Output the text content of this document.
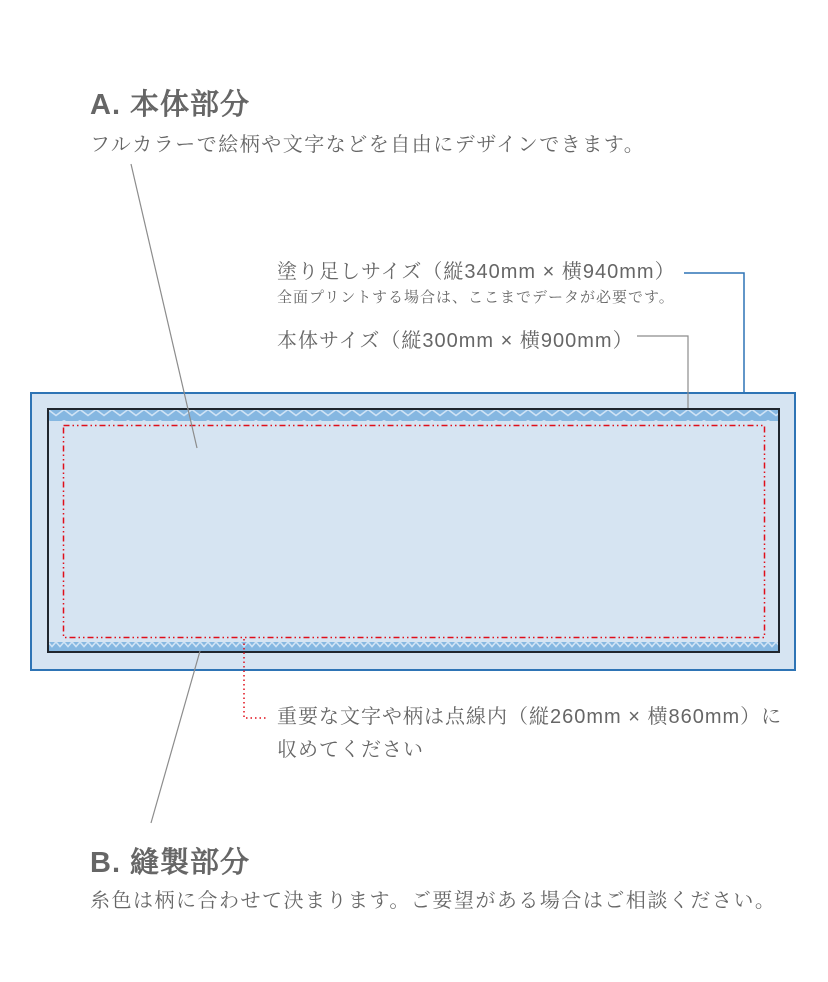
A. 本体部分
フルカラーで絵柄や文字などを自由にデザインできます。
塗り足しサイズ（縦340mm × 横940mm）
全面プリントする場合は、ここまでデータが必要です。
本体サイズ（縦300mm × 横900mm）
重要な文字や柄は点線内（縦260mm × 横860mm）に
収めてください
B. 縫製部分
糸色は柄に合わせて決まります。ご要望がある場合はご相談ください。
